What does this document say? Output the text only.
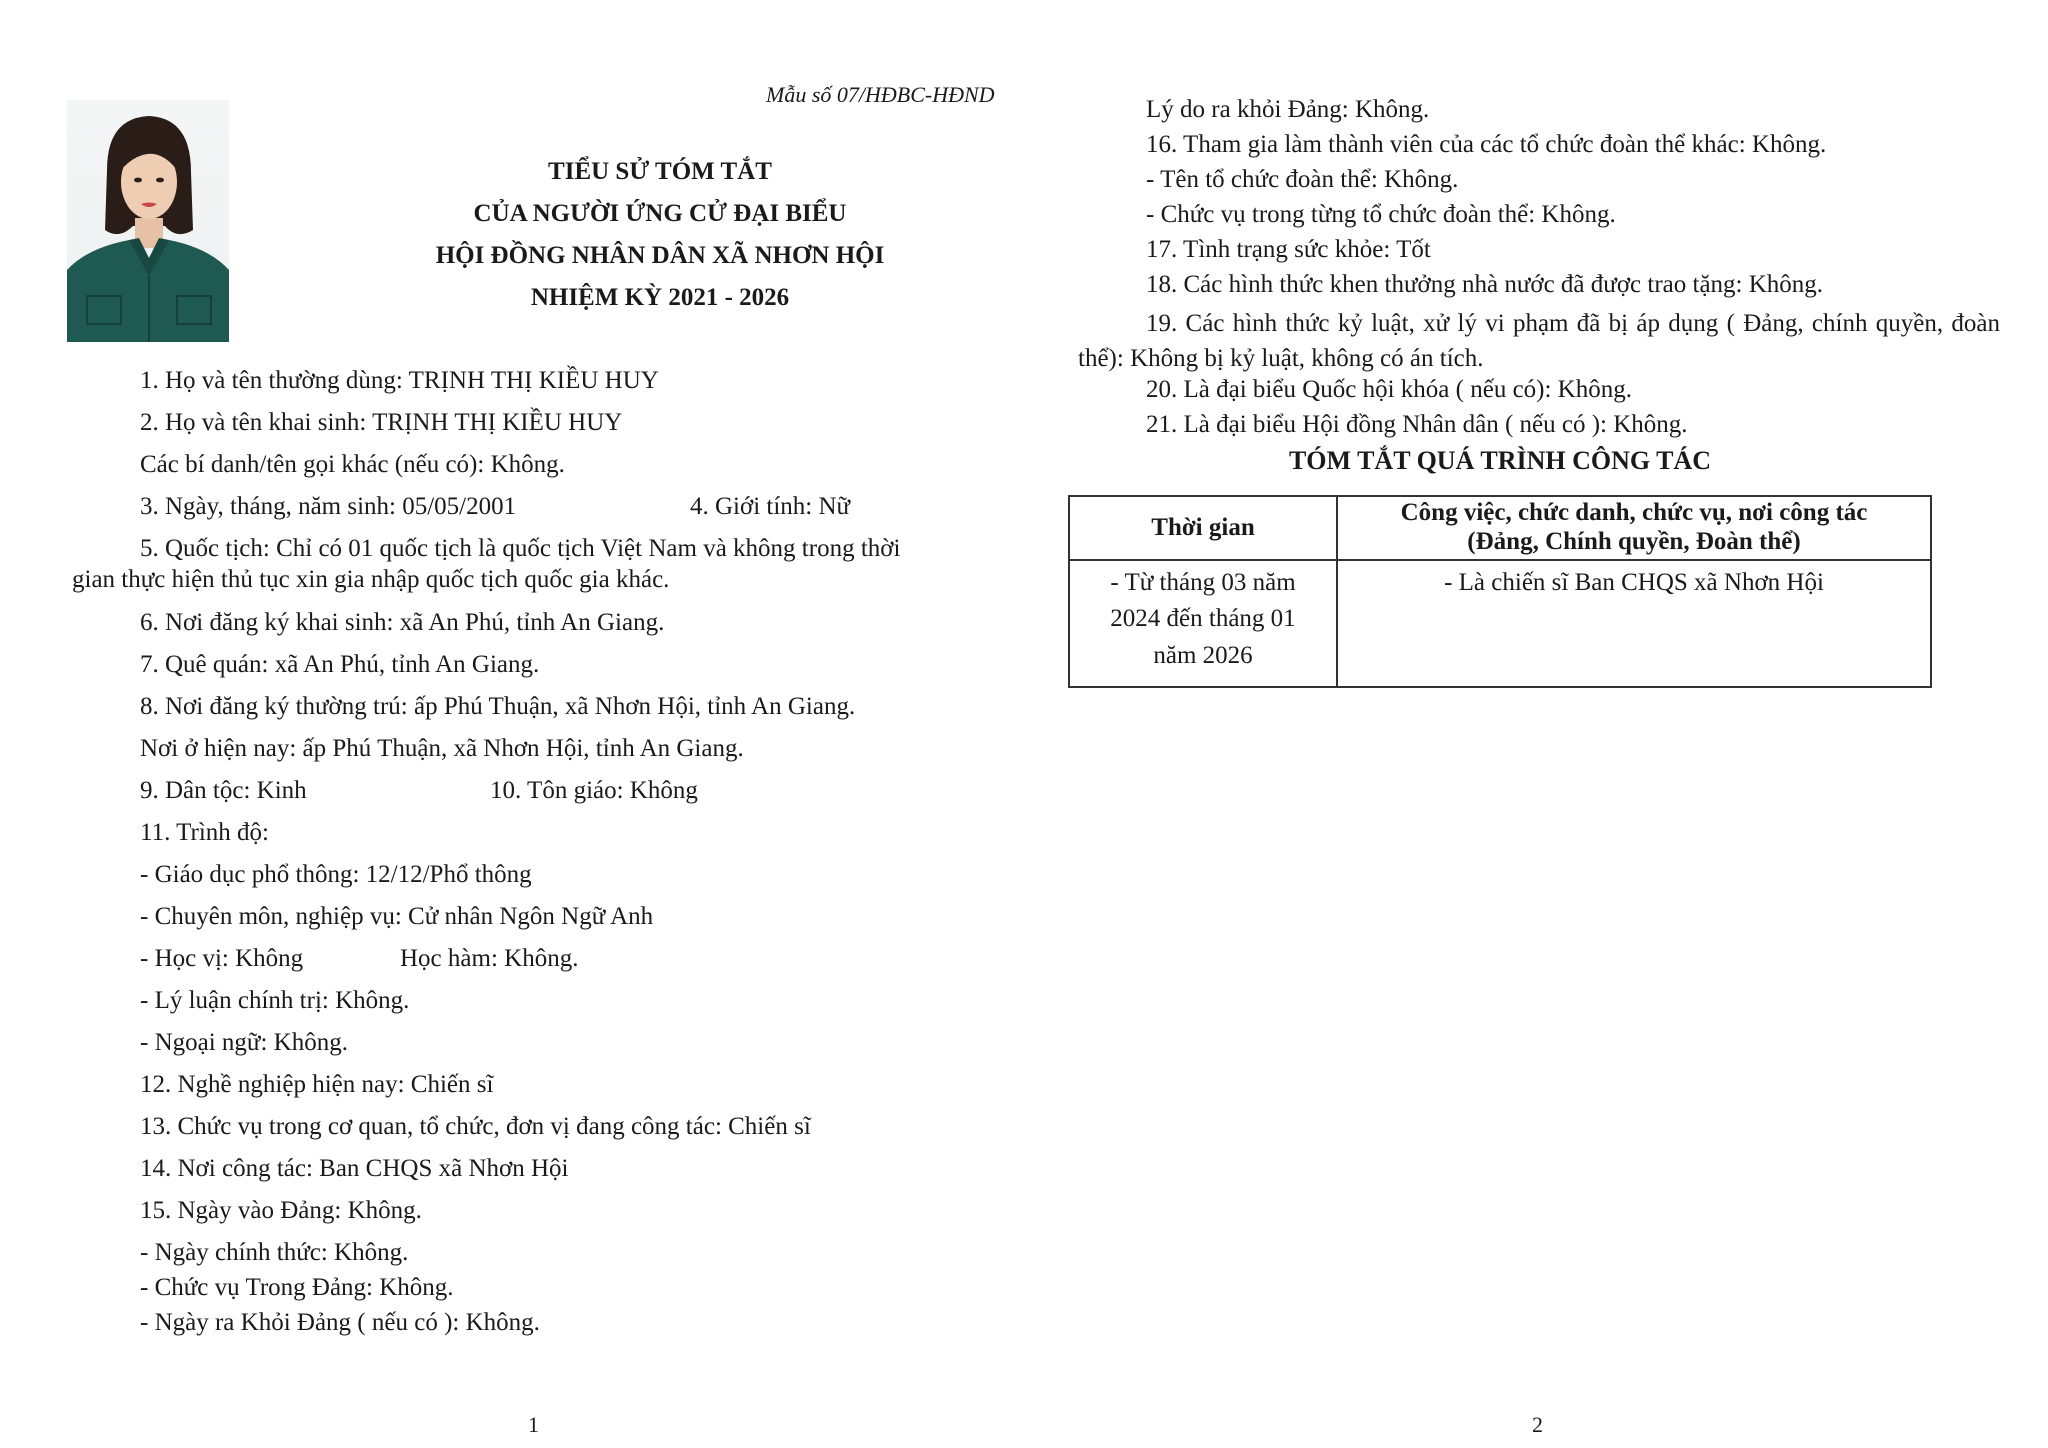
Mẫu số 07/HĐBC-HĐND
TIỂU SỬ TÓM TẮT
CỦA NGƯỜI ỨNG CỬ ĐẠI BIỂU
HỘI ĐỒNG NHÂN DÂN XÃ NHƠN HỘI
NHIỆM KỲ 2021 - 2026
1. Họ và tên thường dùng: TRỊNH THỊ KIỀU HUY
2. Họ và tên khai sinh: TRỊNH THỊ KIỀU HUY
Các bí danh/tên gọi khác (nếu có): Không.
3. Ngày, tháng, năm sinh: 05/05/2001	4. Giới tính: Nữ
5. Quốc tịch: Chỉ có 01 quốc tịch là quốc tịch Việt Nam và không trong thời
gian thực hiện thủ tục xin gia nhập quốc tịch quốc gia khác.
6. Nơi đăng ký khai sinh: xã An Phú, tỉnh An Giang.
7. Quê quán: xã An Phú, tỉnh An Giang.
8. Nơi đăng ký thường trú: ấp Phú Thuận, xã Nhơn Hội, tỉnh An Giang.
Nơi ở hiện nay: ấp Phú Thuận, xã Nhơn Hội, tỉnh An Giang.
9. Dân tộc: Kinh	10. Tôn giáo: Không
11. Trình độ:
- Giáo dục phổ thông: 12/12/Phổ thông
- Chuyên môn, nghiệp vụ: Cử nhân Ngôn Ngữ Anh
- Học vị: Không	Học hàm: Không.
- Lý luận chính trị: Không.
- Ngoại ngữ: Không.
12. Nghề nghiệp hiện nay: Chiến sĩ
13. Chức vụ trong cơ quan, tổ chức, đơn vị đang công tác: Chiến sĩ
14. Nơi công tác: Ban CHQS xã Nhơn Hội
15. Ngày vào Đảng: Không.
- Ngày chính thức: Không.
- Chức vụ Trong Đảng: Không.
- Ngày ra Khỏi Đảng ( nếu có ): Không.
1
Lý do ra khỏi Đảng: Không.
16. Tham gia làm thành viên của các tổ chức đoàn thể khác: Không.
- Tên tổ chức đoàn thể: Không.
- Chức vụ trong từng tổ chức đoàn thể: Không.
17. Tình trạng sức khỏe: Tốt
18. Các hình thức khen thưởng nhà nước đã được trao tặng: Không.
19. Các hình thức kỷ luật, xử lý vi phạm đã bị áp dụng ( Đảng, chính quyền, đoàn thể): Không bị kỷ luật, không có án tích.
20. Là đại biểu Quốc hội khóa ( nếu có): Không.
21. Là đại biểu Hội đồng Nhân dân ( nếu có ): Không.
TÓM TẮT QUÁ TRÌNH CÔNG TÁC
Thời gian	Công việc, chức danh, chức vụ, nơi công tác
(Đảng, Chính quyền, Đoàn thể)

- Từ tháng 03 năm
2024 đến tháng 01
năm 2026	- Là chiến sĩ Ban CHQS xã Nhơn Hội
2
